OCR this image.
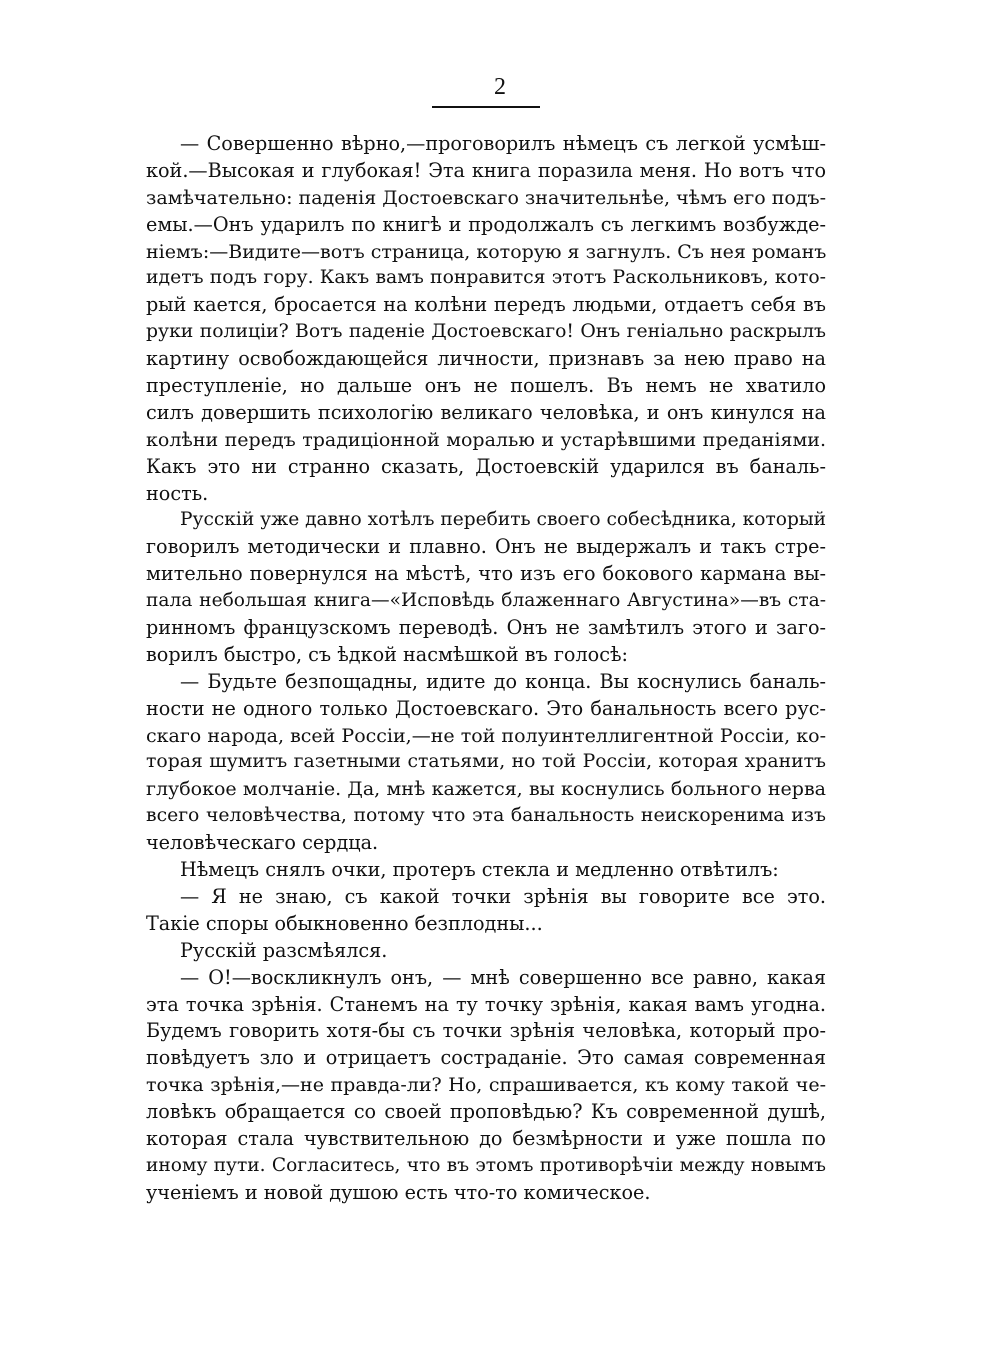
2
— Совершенно вѣрно,—проговорилъ нѣмецъ съ легкой усмѣш-
кой.—Высокая и глубокая! Эта книга поразила меня. Но вотъ что
замѣчательно: паденія Достоевскаго значительнѣе, чѣмъ его подъ-
емы.—Онъ ударилъ по книгѣ и продолжалъ съ легкимъ возбужде-
ніемъ:—Видите—вотъ страница, которую я загнулъ. Съ нея романъ
идетъ подъ гору. Какъ вамъ понравится этотъ Раскольниковъ, кото-
рый кается, бросается на колѣни передъ людьми, отдаетъ себя въ
руки полиціи? Вотъ паденіе Достоевскаго! Онъ геніально раскрылъ
картину освобождающейся личности, признавъ за нею право на
преступленіе, но дальше онъ не пошелъ. Въ немъ не хватило
силъ довершить психологію великаго человѣка, и онъ кинулся на
колѣни передъ традиціонной моралью и устарѣвшими преданіями.
Какъ это ни странно сказать, Достоевскій ударился въ баналь-
ность.
Русскій уже давно хотѣлъ перебить своего собесѣдника, который
говорилъ методически и плавно. Онъ не выдержалъ и такъ стре-
мительно повернулся на мѣстѣ, что изъ его бокового кармана вы-
пала небольшая книга—«Исповѣдь блаженнаго Августина»—въ ста-
ринномъ французскомъ переводѣ. Онъ не замѣтилъ этого и заго-
ворилъ быстро, съ ѣдкой насмѣшкой въ голосѣ:
— Будьте безпощадны, идите до конца. Вы коснулись баналь-
ности не одного только Достоевскаго. Это банальность всего рус-
скаго народа, всей Россіи,—не той полуинтеллигентной Россіи, ко-
торая шумитъ газетными статьями, но той Россіи, которая хранитъ
глубокое молчаніе. Да, мнѣ кажется, вы коснулись больного нерва
всего человѣчества, потому что эта банальность неискоренима изъ
человѣческаго сердца.
Нѣмецъ снялъ очки, протеръ стекла и медленно отвѣтилъ:
— Я не знаю, съ какой точки зрѣнія вы говорите все это.
Такіе споры обыкновенно безплодны...
Русскій разсмѣялся.
— О!—воскликнулъ онъ, — мнѣ совершенно все равно, какая
эта точка зрѣнія. Станемъ на ту точку зрѣнія, какая вамъ угодна.
Будемъ говорить хотя-бы съ точки зрѣнія человѣка, который про-
повѣдуетъ зло и отрицаетъ состраданіе. Это самая современная
точка зрѣнія,—не правда-ли? Но, спрашивается, къ кому такой че-
ловѣкъ обращается со своей проповѣдью? Къ современной душѣ,
которая стала чувствительною до безмѣрности и уже пошла по
иному пути. Согласитесь, что въ этомъ противорѣчіи между новымъ
ученіемъ и новой душою есть что-то комическое.
